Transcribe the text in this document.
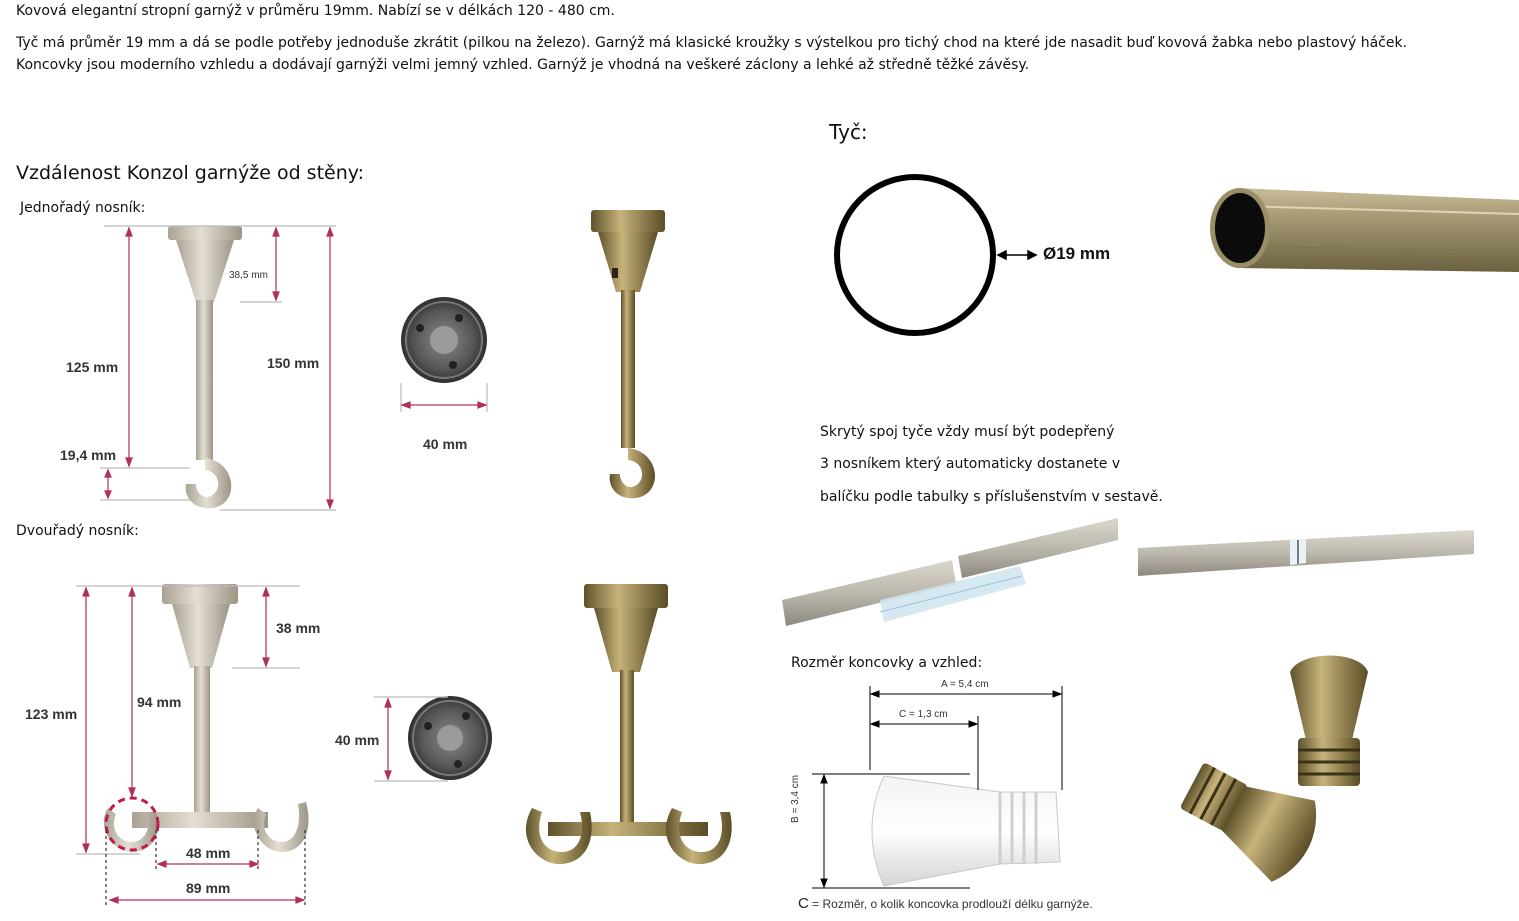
Kovová elegantní stropní garnýž v průměru 19mm. Nabízí se v délkách 120 - 480 cm.
Tyč má průměr 19 mm a dá se podle potřeby jednoduše zkrátit (pilkou na železo). Garnýž má klasické kroužky s výstelkou pro tichý chod na které jde nasadit buď kovová žabka nebo plastový háček.
Koncovky jsou moderního vzhledu a dodávají garnýži velmi jemný vzhled. Garnýž je vhodná na veškeré záclony a lehké až středně těžké závěsy.
Vzdálenost Konzol garnýže od stěny:
Jednořadý nosník:
Dvouřadý nosník:
Tyč:
Rozměr koncovky a vzhled:
38,5 mm
125 mm	150 mm
19,4 mm
40 mm
38 mm
123 mm
94 mm
48 mm
89 mm
40 mm
Ø19 mm
Skrytý spoj tyče vždy musí být podepřený
3 nosníkem který automaticky dostanete v
balíčku podle tabulky s příslušenstvím v sestavě.
A = 5,4 cm
C = 1,3 cm
B = 3,4 cm
C = Rozměr, o kolik koncovka prodlouží délku garnýže.
